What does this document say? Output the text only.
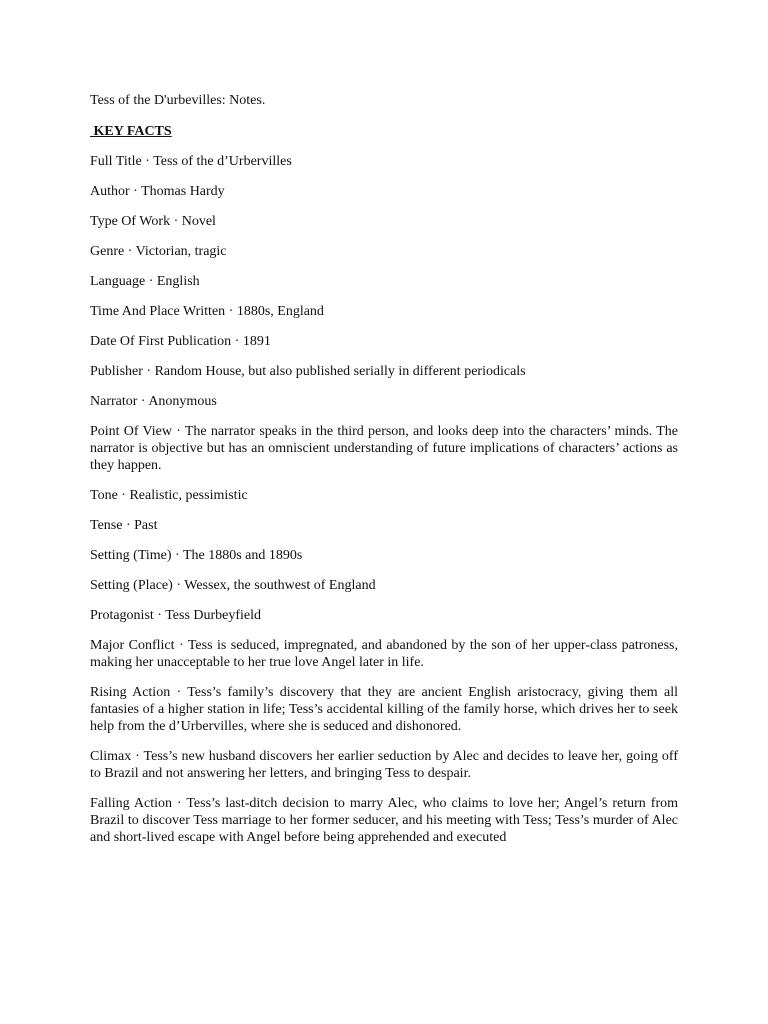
Tess of the D'urbevilles: Notes.

KEY FACTS

Full Title · Tess of the d’Urbervilles

Author · Thomas Hardy

Type Of Work · Novel

Genre · Victorian, tragic

Language · English

Time And Place Written · 1880s, England

Date Of First Publication · 1891

Publisher · Random House, but also published serially in different periodicals

Narrator · Anonymous

Point Of View · The narrator speaks in the third person, and looks deep into the characters’ minds. The narrator is objective but has an omniscient understanding of future implications of characters’ actions as they happen.

Tone · Realistic, pessimistic

Tense · Past

Setting (Time) · The 1880s and 1890s

Setting (Place) · Wessex, the southwest of England

Protagonist · Tess Durbeyfield

Major Conflict · Tess is seduced, impregnated, and abandoned by the son of her upper-class patroness, making her unacceptable to her true love Angel later in life.

Rising Action · Tess’s family’s discovery that they are ancient English aristocracy, giving them all fantasies of a higher station in life; Tess’s accidental killing of the family horse, which drives her to seek help from the d’Urbervilles, where she is seduced and dishonored.

Climax · Tess’s new husband discovers her earlier seduction by Alec and decides to leave her, going off to Brazil and not answering her letters, and bringing Tess to despair.

Falling Action · Tess’s last-ditch decision to marry Alec, who claims to love her; Angel’s return from Brazil to discover Tess marriage to her former seducer, and his meeting with Tess; Tess’s murder of Alec and short-lived escape with Angel before being apprehended and executed
